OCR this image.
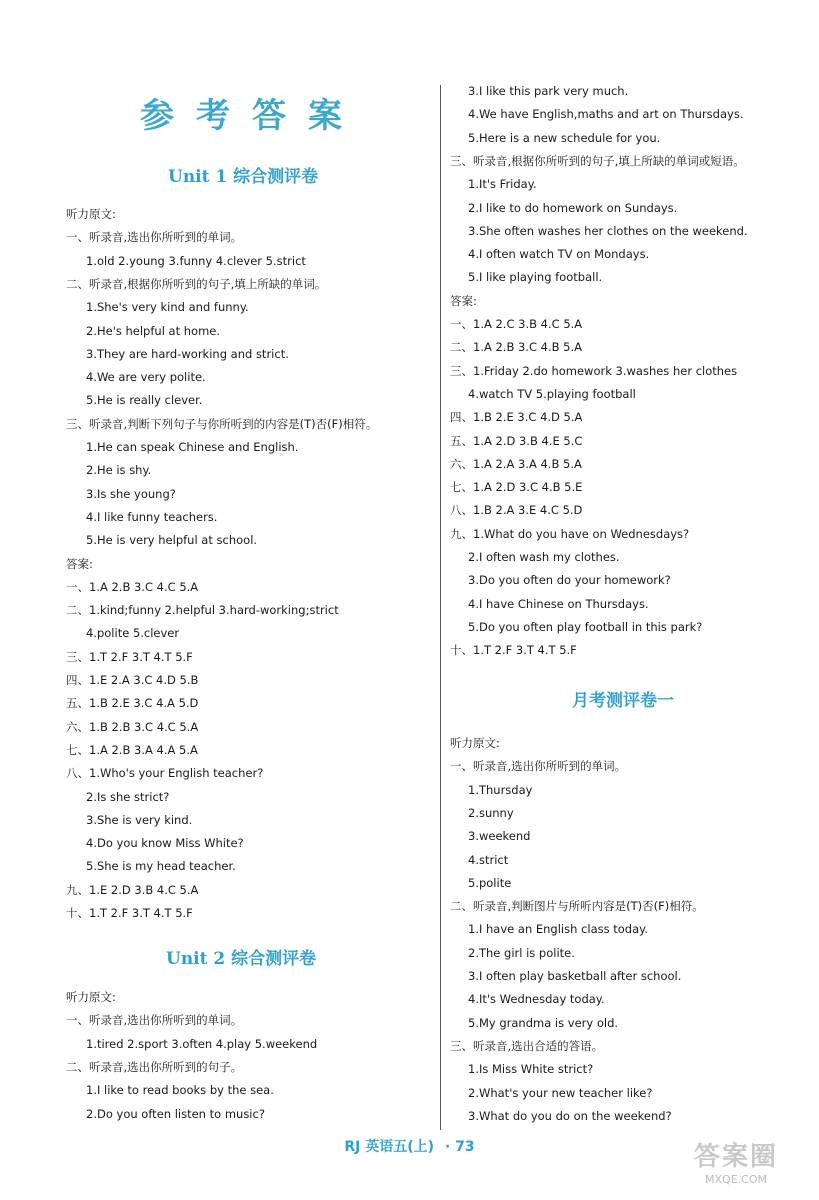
参考答案
Unit 1 综合测评卷
Unit 2 综合测评卷
月考测评卷一
听力原文:
一、听录音,选出你所听到的单词。
1.old 2.young 3.funny 4.clever 5.strict
二、听录音,根据你所听到的句子,填上所缺的单词。
1.She's very kind and funny.
2.He's helpful at home.
3.They are hard-working and strict.
4.We are very polite.
5.He is really clever.
三、听录音,判断下列句子与你所听到的内容是(T)否(F)相符。
1.He can speak Chinese and English.
2.He is shy.
3.Is she young?
4.I like funny teachers.
5.He is very helpful at school.
答案:
一、1.A 2.B 3.C 4.C 5.A
二、1.kind;funny 2.helpful 3.hard-working;strict
4.polite 5.clever
三、1.T 2.F 3.T 4.T 5.F
四、1.E 2.A 3.C 4.D 5.B
五、1.B 2.E 3.C 4.A 5.D
六、1.B 2.B 3.C 4.C 5.A
七、1.A 2.B 3.A 4.A 5.A
八、1.Who's your English teacher?
2.Is she strict?
3.She is very kind.
4.Do you know Miss White?
5.She is my head teacher.
九、1.E 2.D 3.B 4.C 5.A
十、1.T 2.F 3.T 4.T 5.F
听力原文:
一、听录音,选出你所听到的单词。
1.tired 2.sport 3.often 4.play 5.weekend
二、听录音,选出你所听到的句子。
1.I like to read books by the sea.
2.Do you often listen to music?
3.I like this park very much.
4.We have English,maths and art on Thursdays.
5.Here is a new schedule for you.
三、听录音,根据你所听到的句子,填上所缺的单词或短语。
1.It's Friday.
2.I like to do homework on Sundays.
3.She often washes her clothes on the weekend.
4.I often watch TV on Mondays.
5.I like playing football.
答案:
一、1.A 2.C 3.B 4.C 5.A
二、1.A 2.B 3.C 4.B 5.A
三、1.Friday 2.do homework 3.washes her clothes
4.watch TV 5.playing football
四、1.B 2.E 3.C 4.D 5.A
五、1.A 2.D 3.B 4.E 5.C
六、1.A 2.A 3.A 4.B 5.A
七、1.A 2.D 3.C 4.B 5.E
八、1.B 2.A 3.E 4.C 5.D
九、1.What do you have on Wednesdays?
2.I often wash my clothes.
3.Do you often do your homework?
4.I have Chinese on Thursdays.
5.Do you often play football in this park?
十、1.T 2.F 3.T 4.T 5.F
听力原文:
一、听录音,选出你所听到的单词。
1.Thursday
2.sunny
3.weekend
4.strict
5.polite
二、听录音,判断图片与所听内容是(T)否(F)相符。
1.I have an English class today.
2.The girl is polite.
3.I often play basketball after school.
4.It's Wednesday today.
5.My grandma is very old.
三、听录音,选出合适的答语。
1.Is Miss White strict?
2.What's your new teacher like?
3.What do you do on the weekend?
RJ 英语五(上) · 73	答案圈
MXQE.COM
